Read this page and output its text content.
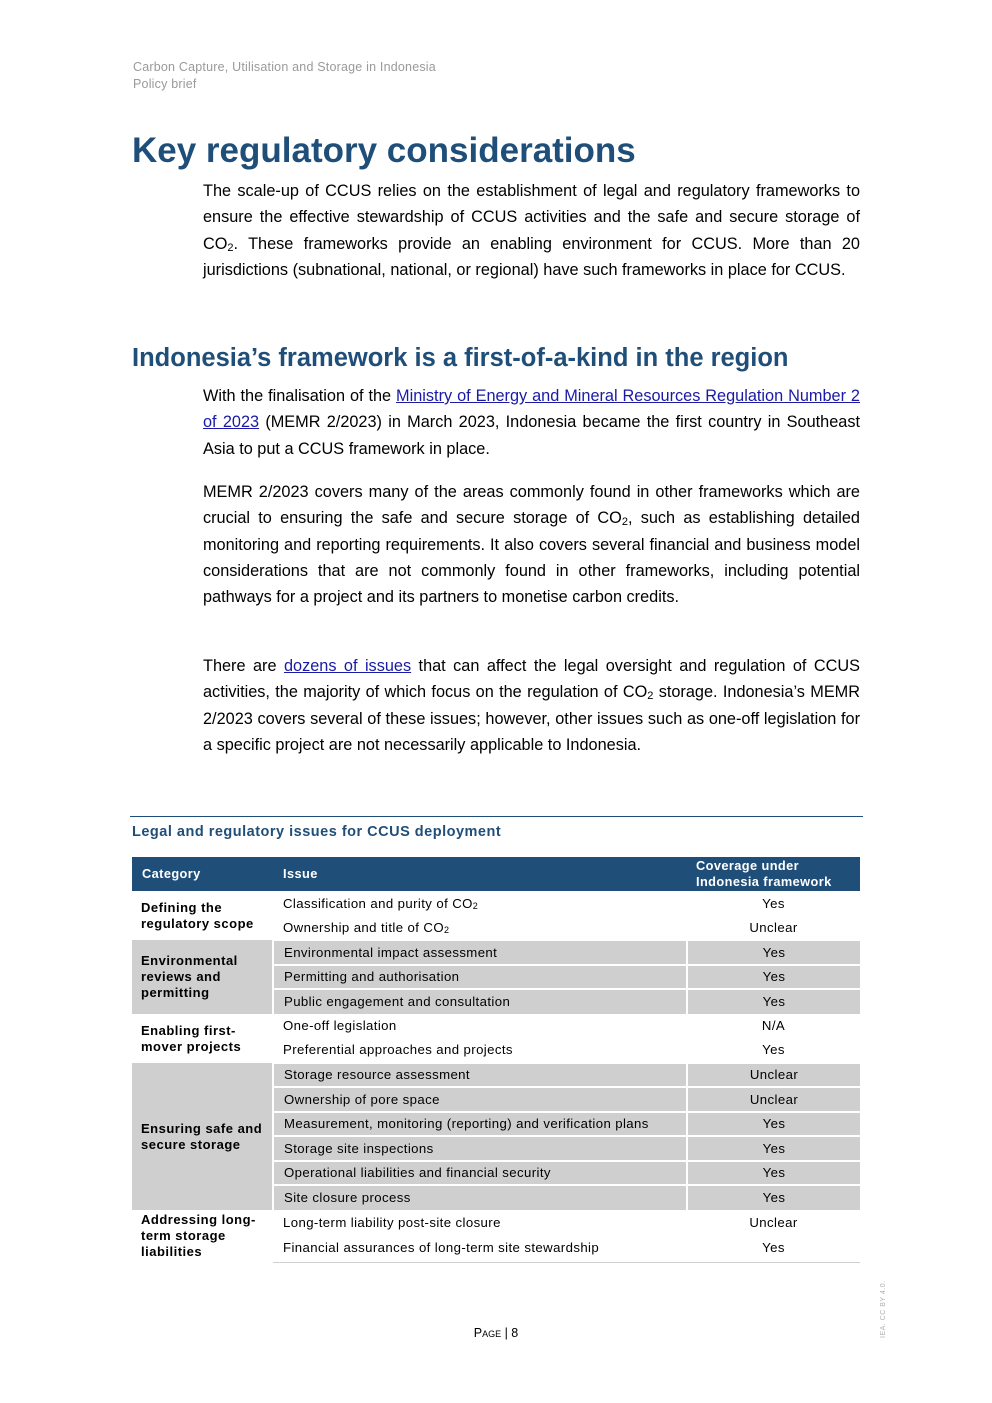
Carbon Capture, Utilisation and Storage in Indonesia
Policy brief
Key regulatory considerations

The scale-up of CCUS relies on the establishment of legal and regulatory frameworks to ensure the effective stewardship of CCUS activities and the safe and secure storage of $CO_2$. These frameworks provide an enabling environment for CCUS. More than 20 jurisdictions (subnational, national, or regional) have such frameworks in place for CCUS.

Indonesia’s framework is a first-of-a-kind in the region

With the finalisation of the Ministry of Energy and Mineral Resources Regulation Number 2 of 2023 (MEMR 2/2023) in March 2023, Indonesia became the first country in Southeast Asia to put a CCUS framework in place.

MEMR 2/2023 covers many of the areas commonly found in other frameworks which are crucial to ensuring the safe and secure storage of $CO_2$, such as establishing detailed monitoring and reporting requirements. It also covers several financial and business model considerations that are not commonly found in other frameworks, including potential pathways for a project and its partners to monetise carbon credits.

There are dozens of issues that can affect the legal oversight and regulation of CCUS activities, the majority of which focus on the regulation of $CO_2$ storage. Indonesia’s MEMR 2/2023 covers several of these issues; however, other issues such as one-off legislation for a specific project are not necessarily applicable to Indonesia.

Legal and regulatory issues for CCUS deployment
Category	Issue	Coverage under
Indonesia framework

Defining the regulatory scope	Classification and purity of $CO_2$	Yes
	Ownership and title of $CO_2$	Unclear
Environmental reviews and permitting	Environmental impact assessment	Yes
	Permitting and authorisation	Yes
	Public engagement and consultation	Yes
Enabling first-mover projects	One-off legislation	N/A
	Preferential approaches and projects	Yes
Ensuring safe and secure storage	Storage resource assessment	Unclear
	Ownership of pore space	Unclear
	Measurement, monitoring (reporting) and verification plans	Yes
	Storage site inspections	Yes
	Operational liabilities and financial security	Yes
	Site closure process	Yes
Addressing long-term storage liabilities	Long-term liability post-site closure	Unclear
	Financial assurances of long-term site stewardship	Yes
IEA. CC BY 4.0.
Page | 8
